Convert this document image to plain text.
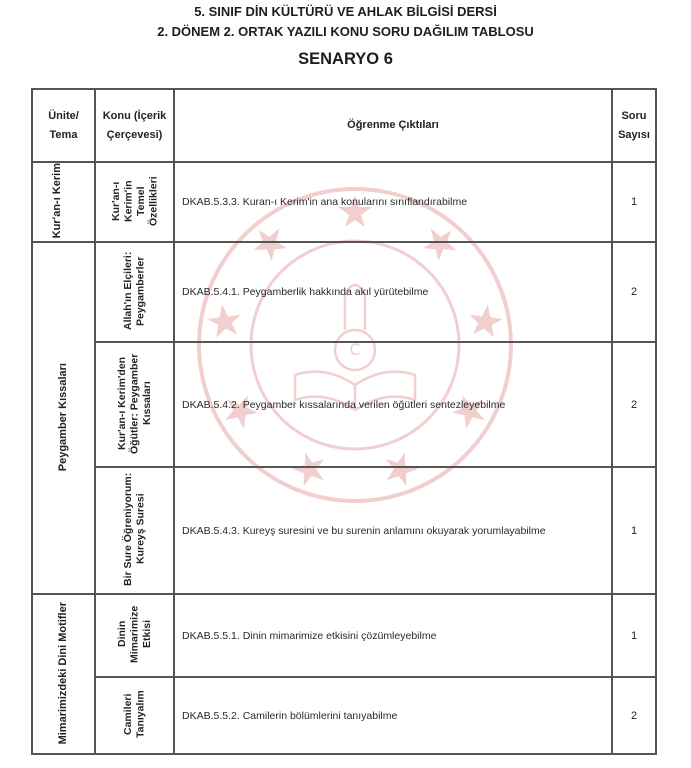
5. SINIF DİN KÜLTÜRÜ VE AHLAK BİLGİSİ DERSİ
2. DÖNEM 2. ORTAK YAZILI KONU SORU DAĞILIM TABLOSU
SENARYO 6
C
Ünite/ Tema	Konu (İçerik Çerçevesi)	Öğrenme Çıktıları	Soru Sayısı
Kur'an-ı Kerim	Kur'an-ı Kerim'in Temel Özellikleri	DKAB.5.3.3. Kuran-ı Kerim'in ana konularını sınıflandırabilme	1
Peygamber Kıssaları	Allah'ın Elçileri: Peygamberler	DKAB.5.4.1. Peygamberlik hakkında akıl yürütebilme	2
	Kur'an-ı Kerim'den Öğütler: Peygamber Kıssaları	DKAB.5.4.2. Peygamber kıssalarında verilen öğütleri sentezleyebilme	2
	Bir Sure Öğreniyorum: Kureyş Suresi	DKAB.5.4.3. Kureyş suresini ve bu surenin anlamını okuyarak yorumlayabilme	1
Mimarimizdeki Dini Motifler	Dinin Mimarimize Etkisi	DKAB.5.5.1. Dinin mimarimize etkisini çözümleyebilme	1
	Camileri Tanıyalım	DKAB.5.5.2. Camilerin bölümlerini tanıyabilme	2
